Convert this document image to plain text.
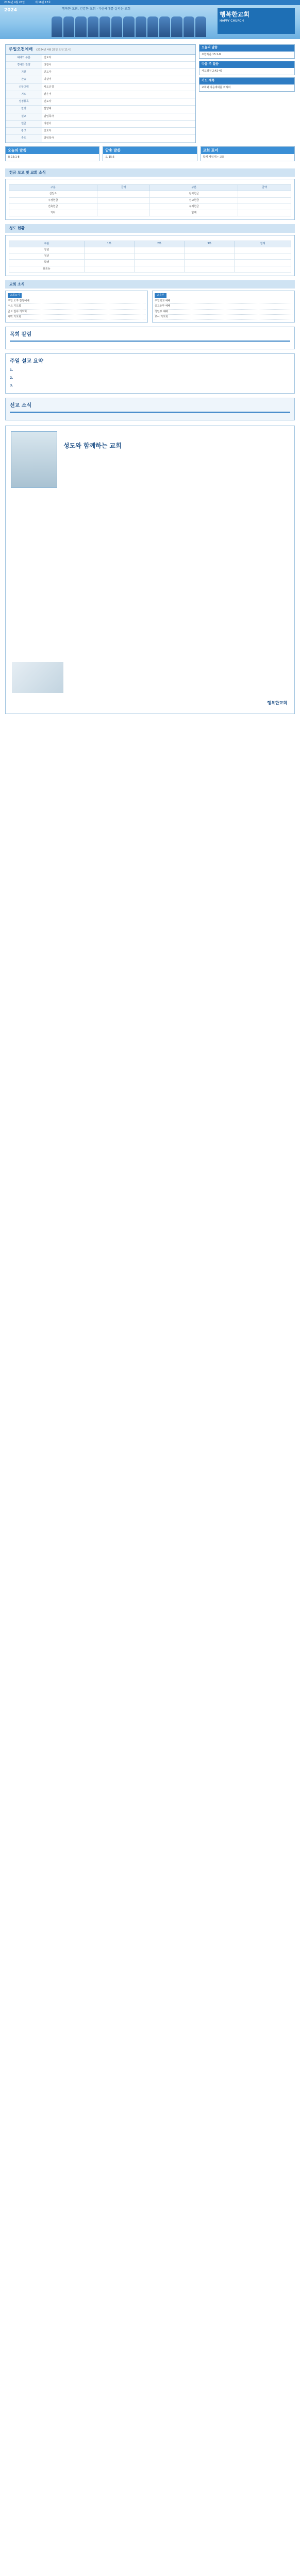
2024년 4월 28일	제 18권 17호
2024	행복한 교회, 건강한 교회 · 다음세대를 살리는 교회
행복한교회
HAPPY CHURCH
주일오전예배 (2024년 4월 28일 오전 11시)
예배의 부름	인도자
경배와 찬양	다같이
기원	인도자
찬송	다같이
신앙고백	사도신경
기도	맡은이
성경봉독	인도자
찬양	찬양대
설교	담임목사
헌금	다같이
광고	인도자
축도	담임목사
오늘의 말씀
요한복음 15:1-8
다음 주 말씀
사도행전 2:42-47
기도 제목
교회와 다음세대를 위하여
오늘의 말씀
요 15:1-8
암송 말씀
요 15:5
교회 표어
함께 세워가는 교회
헌금 보고 및 교회 소식
구분	금액	구분	금액
십일조		감사헌금	
주정헌금		선교헌금	
건축헌금		구제헌금	
기타		합계	
성도 현황
구분	1부	2부	3부	합계
장년				
청년				
학생				
유초등				
교회 소식
교회소식
주일 오후 찬양예배
수요 기도회
금요 철야 기도회
새벽 기도회
교육부
주일학교 예배
중고등부 예배
청년부 예배
교사 기도회
목회 칼럼

주일 설교 요약
1.

2.

3.

선교 소식

성도와 함께하는 교회
행복한교회
